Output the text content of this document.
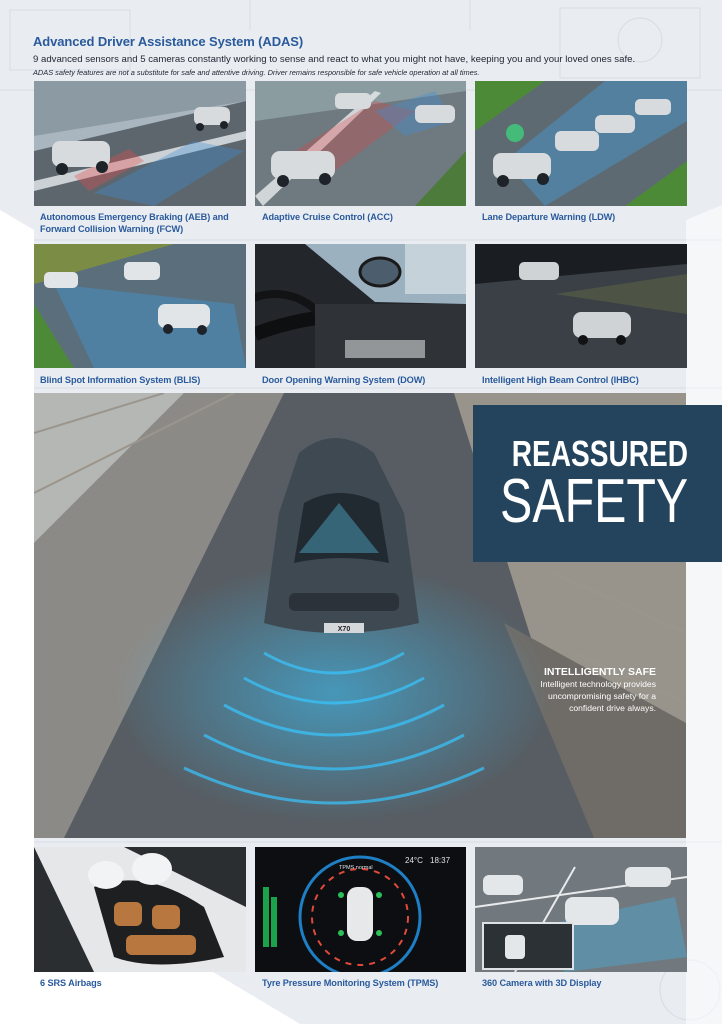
Advanced Driver Assistance System (ADAS)
9 advanced sensors and 5 cameras constantly working to sense and react to what you might not have, keeping you and your loved ones safe.
ADAS safety features are not a substitute for safe and attentive driving. Driver remains responsible for safe vehicle operation at all times.
Autonomous Emergency Braking (AEB) and
Forward Collision Warning (FCW)
Adaptive Cruise Control (ACC)	Lane Departure Warning (LDW)
Blind Spot Information System (BLIS)	Door Opening Warning System (DOW)	Intelligent High Beam Control (IHBC)
X70
REASSURED
SAFETY
INTELLIGENTLY SAFE
Intelligent technology provides
uncompromising safety for a
confident drive always.
6 SRS Airbags
24°C 18:37
TPMS normal
Tyre Pressure Monitoring System (TPMS)	360 Camera with 3D Display
